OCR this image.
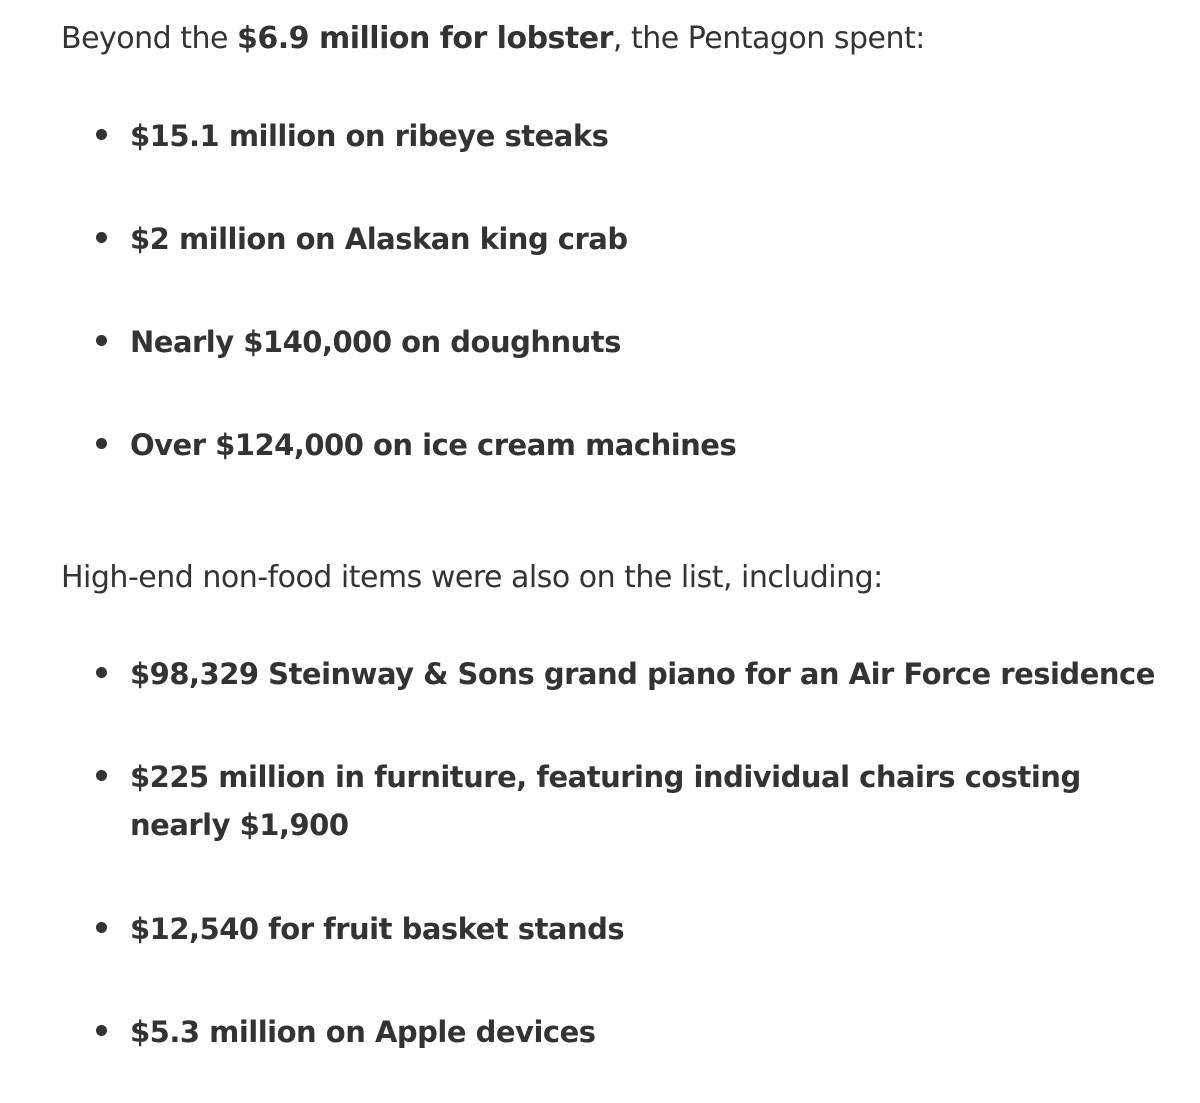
Beyond the $6.9 million for lobster, the Pentagon spent:

$15.1 million on ribeye steaks
$2 million on Alaskan king crab
Nearly $140,000 on doughnuts
Over $124,000 on ice cream machines

High-end non-food items were also on the list, including:

$98,329 Steinway & Sons grand piano for an Air Force residence
$225 million in furniture, featuring individual chairs costing nearly $1,900
$12,540 for fruit basket stands
$5.3 million on Apple devices
